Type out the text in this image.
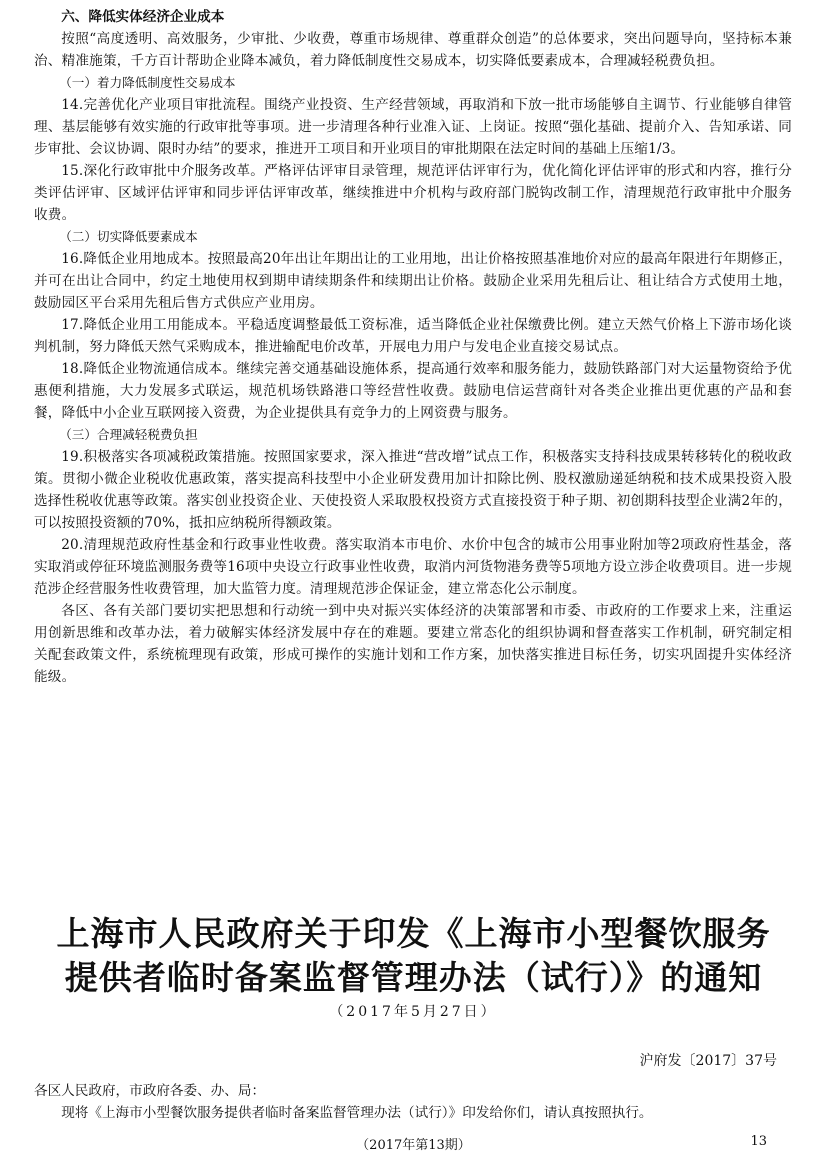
六、降低实体经济企业成本

按照“高度透明、高效服务，少审批、少收费，尊重市场规律、尊重群众创造”的总体要求，突出问题导向，坚持标本兼治、精准施策，千方百计帮助企业降本减负，着力降低制度性交易成本，切实降低要素成本，合理减轻税费负担。

（一）着力降低制度性交易成本

14.完善优化产业项目审批流程。围绕产业投资、生产经营领域，再取消和下放一批市场能够自主调节、行业能够自律管理、基层能够有效实施的行政审批等事项。进一步清理各种行业准入证、上岗证。按照“强化基础、提前介入、告知承诺、同步审批、会议协调、限时办结”的要求，推进开工项目和开业项目的审批期限在法定时间的基础上压缩1/3。

15.深化行政审批中介服务改革。严格评估评审目录管理，规范评估评审行为，优化简化评估评审的形式和内容，推行分类评估评审、区域评估评审和同步评估评审改革，继续推进中介机构与政府部门脱钩改制工作，清理规范行政审批中介服务收费。

（二）切实降低要素成本

16.降低企业用地成本。按照最高20年出让年期出让的工业用地，出让价格按照基准地价对应的最高年限进行年期修正，并可在出让合同中，约定土地使用权到期申请续期条件和续期出让价格。鼓励企业采用先租后让、租让结合方式使用土地，鼓励园区平台采用先租后售方式供应产业用房。

17.降低企业用工用能成本。平稳适度调整最低工资标准，适当降低企业社保缴费比例。建立天然气价格上下游市场化谈判机制，努力降低天然气采购成本，推进输配电价改革，开展电力用户与发电企业直接交易试点。

18.降低企业物流通信成本。继续完善交通基础设施体系，提高通行效率和服务能力，鼓励铁路部门对大运量物资给予优惠便利措施，大力发展多式联运，规范机场铁路港口等经营性收费。鼓励电信运营商针对各类企业推出更优惠的产品和套餐，降低中小企业互联网接入资费，为企业提供具有竞争力的上网资费与服务。

（三）合理减轻税费负担

19.积极落实各项减税政策措施。按照国家要求，深入推进“营改增”试点工作，积极落实支持科技成果转移转化的税收政策。贯彻小微企业税收优惠政策，落实提高科技型中小企业研发费用加计扣除比例、股权激励递延纳税和技术成果投资入股选择性税收优惠等政策。落实创业投资企业、天使投资人采取股权投资方式直接投资于种子期、初创期科技型企业满2年的，可以按照投资额的70%，抵扣应纳税所得额政策。

20.清理规范政府性基金和行政事业性收费。落实取消本市电价、水价中包含的城市公用事业附加等2项政府性基金，落实取消或停征环境监测服务费等16项中央设立行政事业性收费，取消内河货物港务费等5项地方设立涉企收费项目。进一步规范涉企经营服务性收费管理，加大监管力度。清理规范涉企保证金，建立常态化公示制度。

各区、各有关部门要切实把思想和行动统一到中央对振兴实体经济的决策部署和市委、市政府的工作要求上来，注重运用创新思维和改革办法，着力破解实体经济发展中存在的难题。要建立常态化的组织协调和督查落实工作机制，研究制定相关配套政策文件，系统梳理现有政策，形成可操作的实施计划和工作方案，加快落实推进目标任务，切实巩固提升实体经济能级。

上海市人民政府关于印发《上海市小型餐饮服务
提供者临时备案监督管理办法（试行）》的通知
（2017年5月27日）
沪府发〔2017〕37号
各区人民政府，市政府各委、办、局：
现将《上海市小型餐饮服务提供者临时备案监督管理办法（试行）》印发给你们，请认真按照执行。
（2017年第13期）	13
